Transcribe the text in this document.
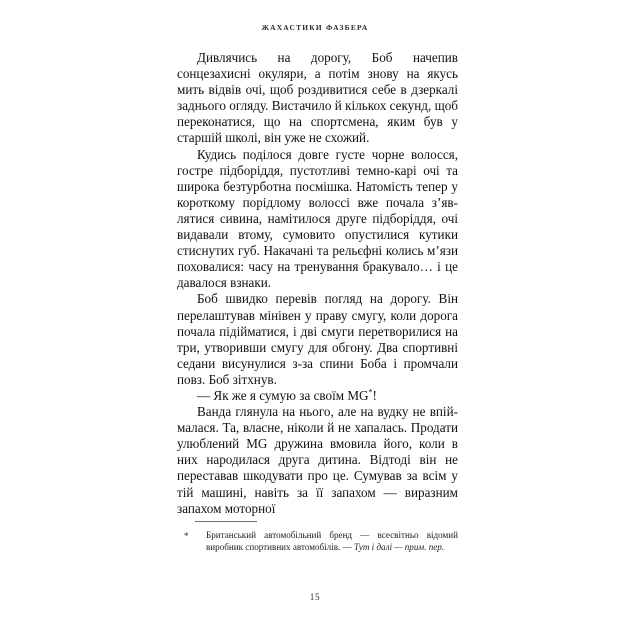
ЖАХАСТИКИ ФАЗБЕРА

Дивлячись на дорогу, Боб начепив сонцезахисні окуляри, а потім знову на якусь мить відвів очі, щоб роздивитися себе в дзеркалі заднього огляду. Вистачило й кількох секунд, щоб переконатися, що на спортсмена, яким був у старшій школі, він уже не схожий.

Кудись поділося довге густе чорне волосся, гостре підборіддя, пустотливі темно-карі очі та широка безтурботна посмішка. Натомість тепер у короткому порідлому волоссі вже почала з’являтися сивина, намітилося друге підборіддя, очі видавали втому, сумовито опустилися кутики стиснутих губ. Накачані та рельєфні колись м’язи поховалися: часу на тренування бракувало… і це давалося взнаки.

Боб швидко перевів погляд на дорогу. Він перелаштував мінівен у праву смугу, коли дорога почала підійматися, і дві смуги перетворилися на три, утворивши смугу для обгону. Два спортивні седани висунулися з-за спини Боба і промчали повз. Боб зітхнув.

— Як же я сумую за своїм MG*!

Ванда глянула на нього, але на вудку не впіймалася. Та, власне, ніколи й не хапалась. Продати улюблений MG дружина вмовила його, коли в них народилася друга дитина. Відтоді він не переставав шкодувати про це. Сумував за всім у тій машині, навіть за її запахом — виразним запахом моторної

* Британський автомобільний бренд — всесвітньо відомий виробник спортивних автомобілів. — Тут і далі — прим. пер.
15
